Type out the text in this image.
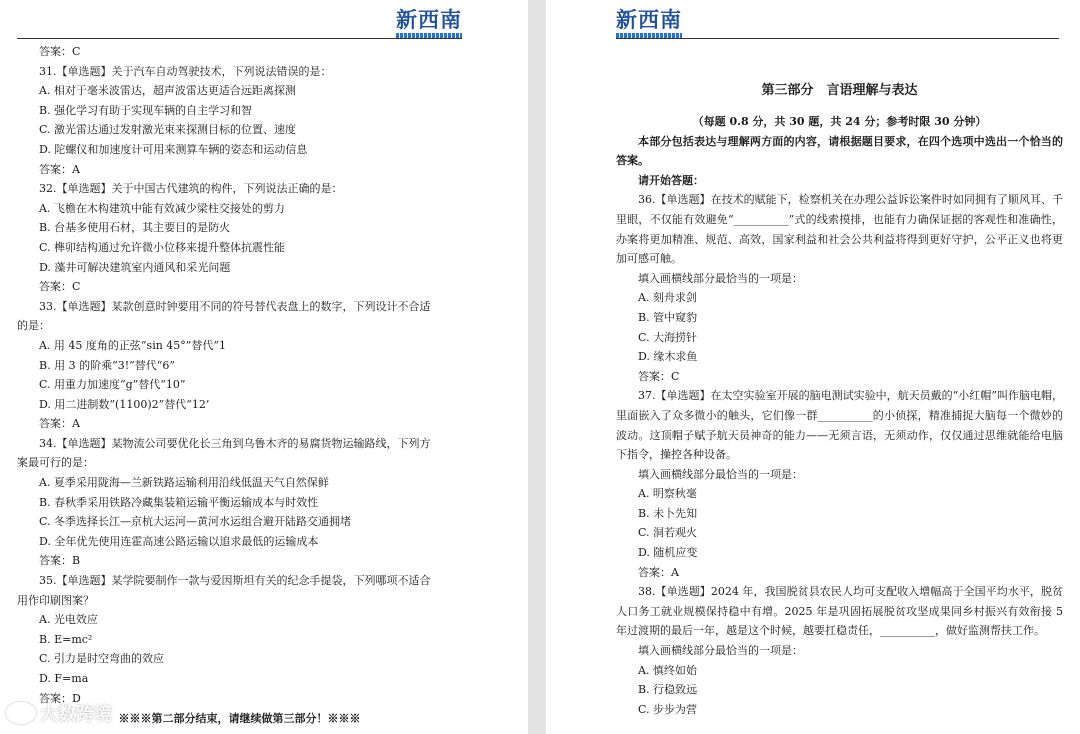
新西南
答案：C
31.【单选题】关于汽车自动驾驶技术，下列说法错误的是：
A. 相对于毫米波雷达，超声波雷达更适合远距离探测
B. 强化学习有助于实现车辆的自主学习和智
C. 激光雷达通过发射激光束来探测目标的位置、速度
D. 陀螺仪和加速度计可用来测算车辆的姿态和运动信息
答案：A
32.【单选题】关于中国古代建筑的构件，下列说法正确的是：
A. 飞檐在木构建筑中能有效减少梁柱交接处的剪力
B. 台基多使用石材，其主要目的是防火
C. 榫卯结构通过允许微小位移来提升整体抗震性能
D. 藻井可解决建筑室内通风和采光问题
答案：C
33.【单选题】某款创意时钟要用不同的符号替代表盘上的数字，下列设计不合适
的是：
A. 用 45 度角的正弦“sin 45°”替代“1
B. 用 3 的阶乘“3!”替代“6”
C. 用重力加速度“g”替代“10”
D. 用二进制数“(1100)2”替代“12’
答案：A
34.【单选题】某物流公司要优化长三角到乌鲁木齐的易腐货物运输路线，下列方
案最可行的是：
A. 夏季采用陇海—兰新铁路运输利用沿线低温天气自然保鲜
B. 春秋季采用铁路冷藏集装箱运输平衡运输成本与时效性
C. 冬季选择长江—京杭大运河—黄河水运组合避开陆路交通拥堵
D. 全年优先使用连霍高速公路运输以追求最低的运输成本
答案：B
35.【单选题】某学院要制作一款与爱因斯坦有关的纪念手提袋，下列哪项不适合
用作印刷图案？
A. 光电效应
B. E=mc²
C. 引力是时空弯曲的效应
D. F=ma
答案：D
※※※第二部分结束，请继续做第三部分！※※※
新西南
第三部分　言语理解与表达
（每题 0.8 分，共 30 题，共 24 分；参考时限 30 分钟）
本部分包括表达与理解两方面的内容，请根据题目要求，在四个选项中选出一个恰当的答案。
请开始答题：
36.【单选题】在技术的赋能下，检察机关在办理公益诉讼案件时如同拥有了顺风耳、千里眼，不仅能有效避免“__________”式的线索摸排，也能有力确保证据的客观性和准确性，办案将更加精准、规范、高效，国家利益和社会公共利益将得到更好守护，公平正义也将更加可感可触。
填入画横线部分最恰当的一项是：
A. 刻舟求剑
B. 管中窥豹
C. 大海捞针
D. 缘木求鱼
答案：C
37.【单选题】在太空实验室开展的脑电测试实验中，航天员戴的“小红帽”叫作脑电帽，里面嵌入了众多微小的触头，它们像一群__________的小侦探，精准捕捉大脑每一个微妙的波动。这顶帽子赋予航天员神奇的能力——无须言语，无须动作，仅仅通过思维就能给电脑下指令，操控各种设备。
填入画横线部分最恰当的一项是：
A. 明察秋毫
B. 未卜先知
C. 洞若观火
D. 随机应变
答案：A
38.【单选题】2024 年，我国脱贫县农民人均可支配收入增幅高于全国平均水平，脱贫人口务工就业规模保持稳中有增。2025 年是巩固拓展脱贫攻坚成果同乡村振兴有效衔接 5 年过渡期的最后一年，越是这个时候，越要扛稳责任，__________，做好监测帮扶工作。
填入画横线部分最恰当的一项是：
A. 慎终如始
B. 行稳致远
C. 步步为营
大数跨境
